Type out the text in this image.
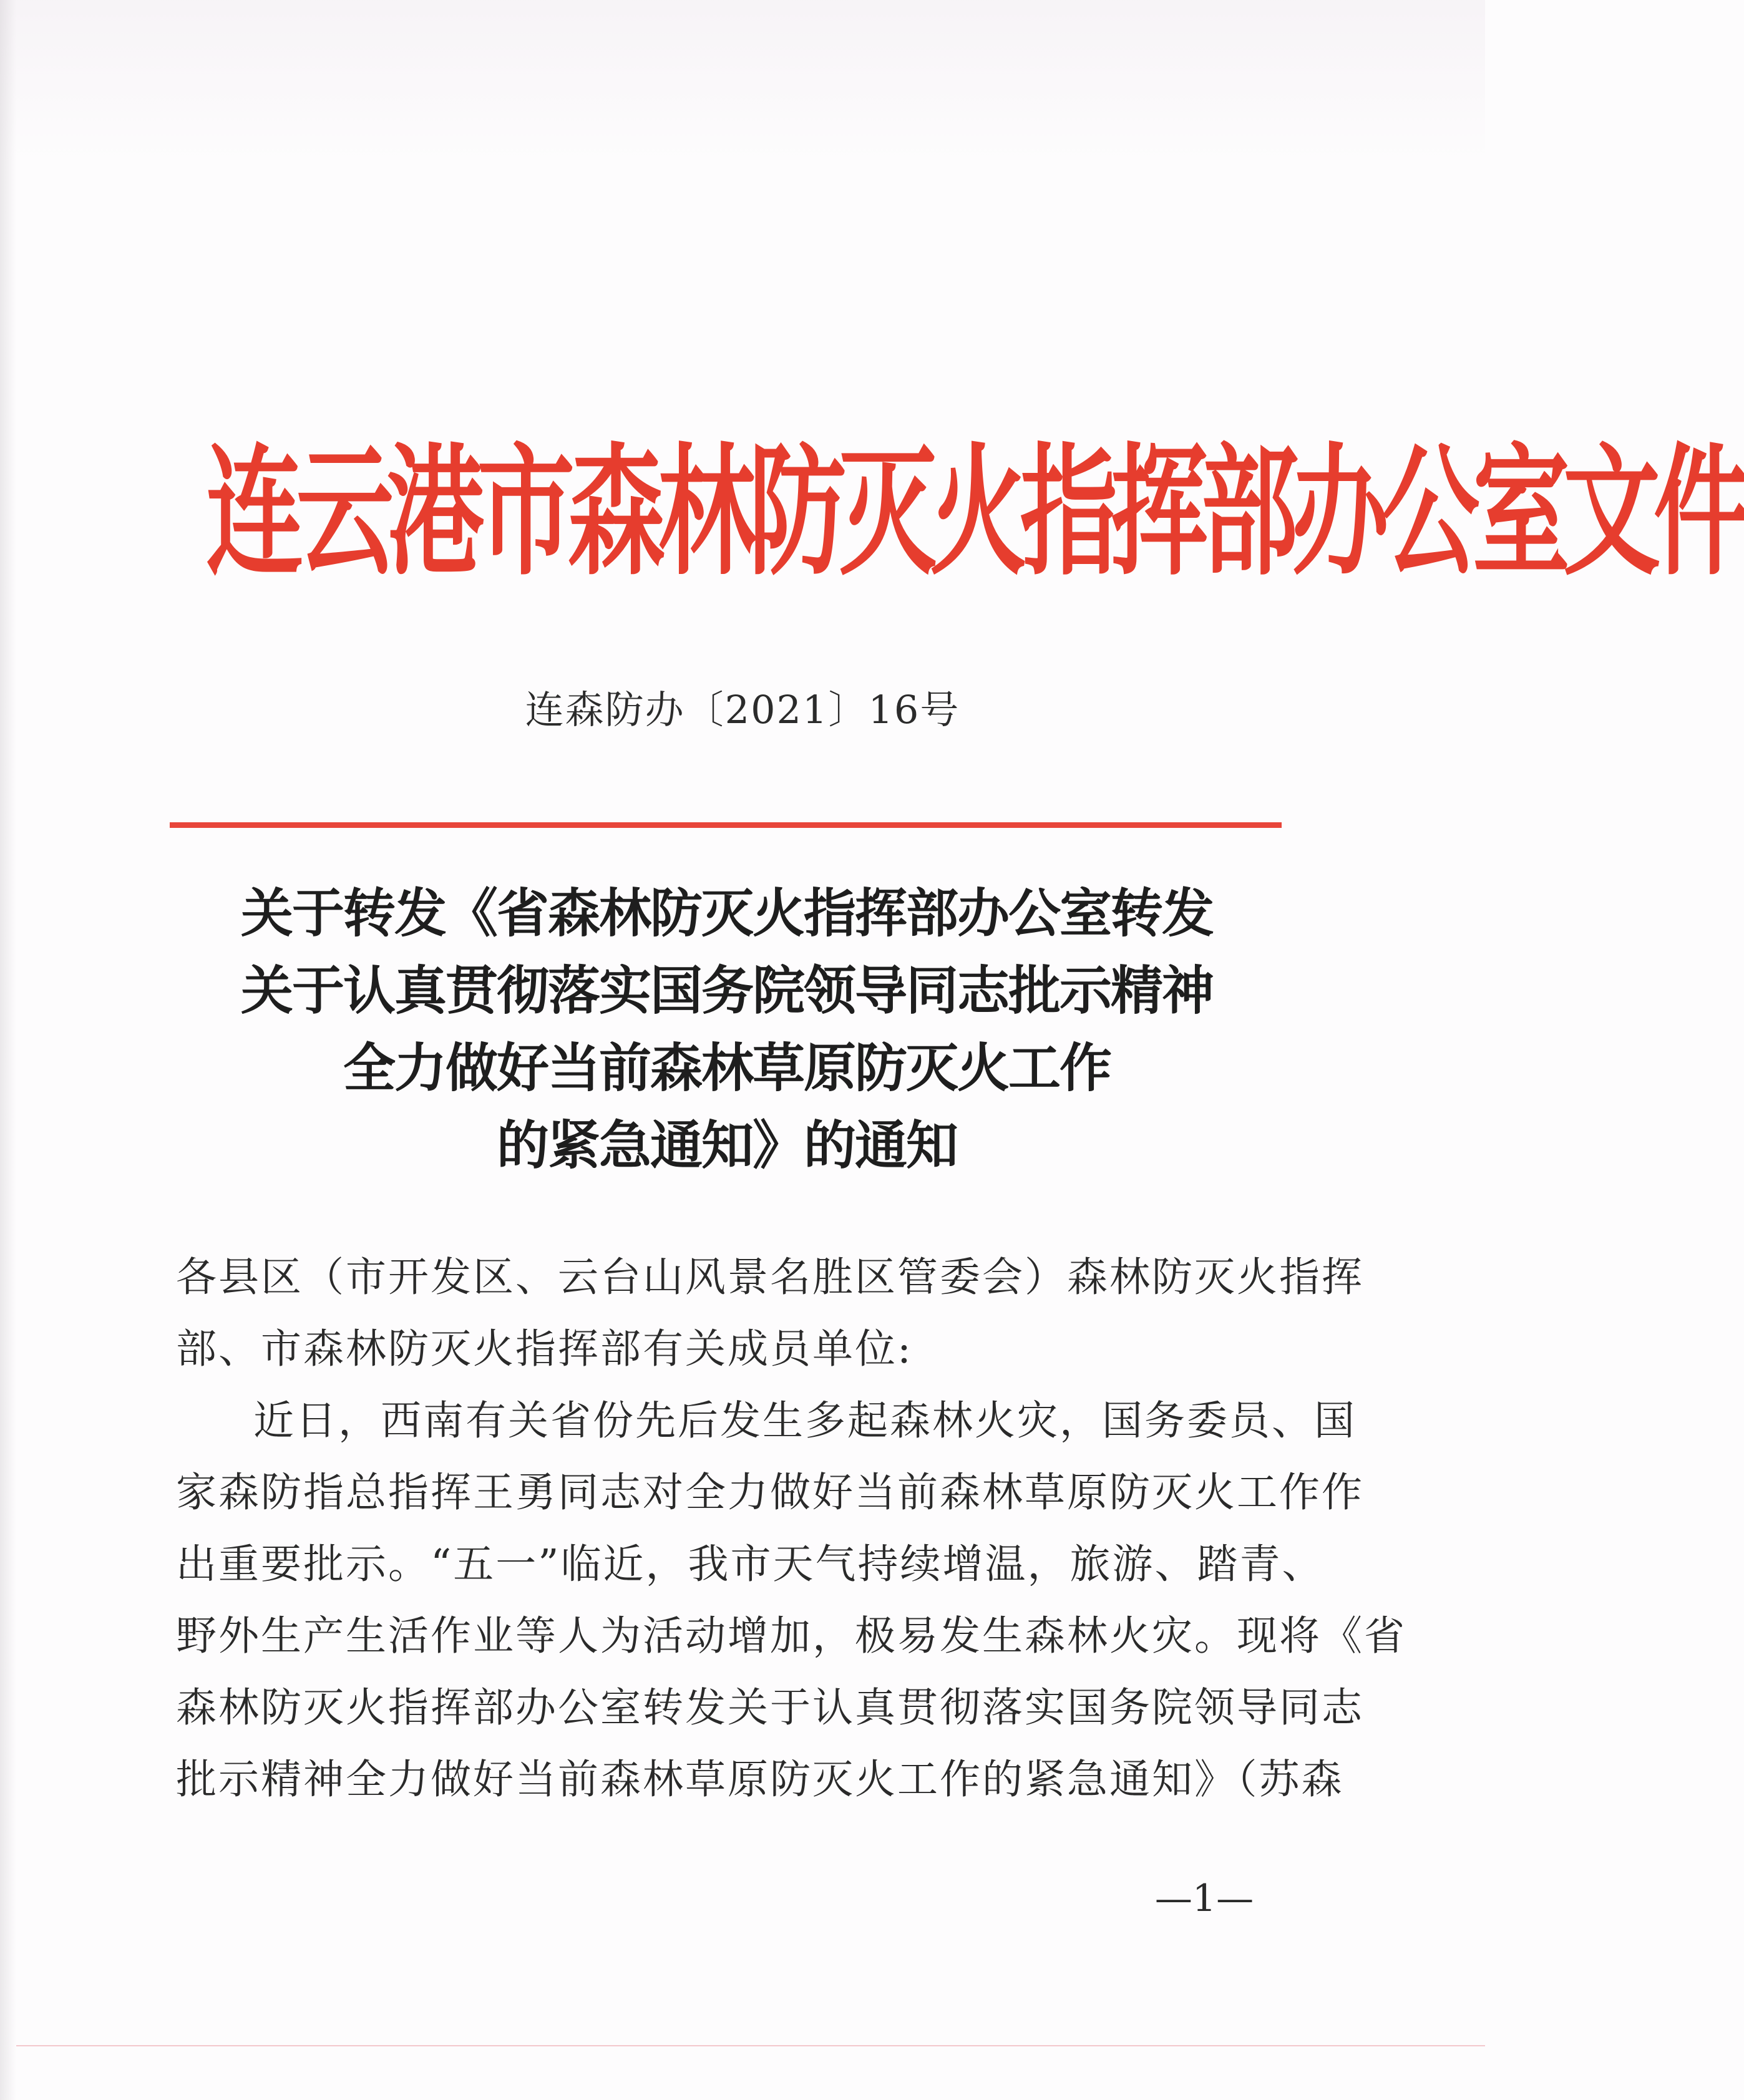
连云港市森林防灭火指挥部办公室文件
连森防办〔2021〕16号
关于转发《省森林防灭火指挥部办公室转发
关于认真贯彻落实国务院领导同志批示精神
全力做好当前森林草原防灭火工作
的紧急通知》的通知
各县区（市开发区、云台山风景名胜区管委会）森林防灭火指挥
部、市森林防灭火指挥部有关成员单位:
近日，西南有关省份先后发生多起森林火灾，国务委员、国
家森防指总指挥王勇同志对全力做好当前森林草原防灭火工作作
出重要批示。“五一”临近，我市天气持续增温，旅游、踏青、
野外生产生活作业等人为活动增加，极易发生森林火灾。现将《省
森林防灭火指挥部办公室转发关于认真贯彻落实国务院领导同志
批示精神全力做好当前森林草原防灭火工作的紧急通知》（苏森
—1—
